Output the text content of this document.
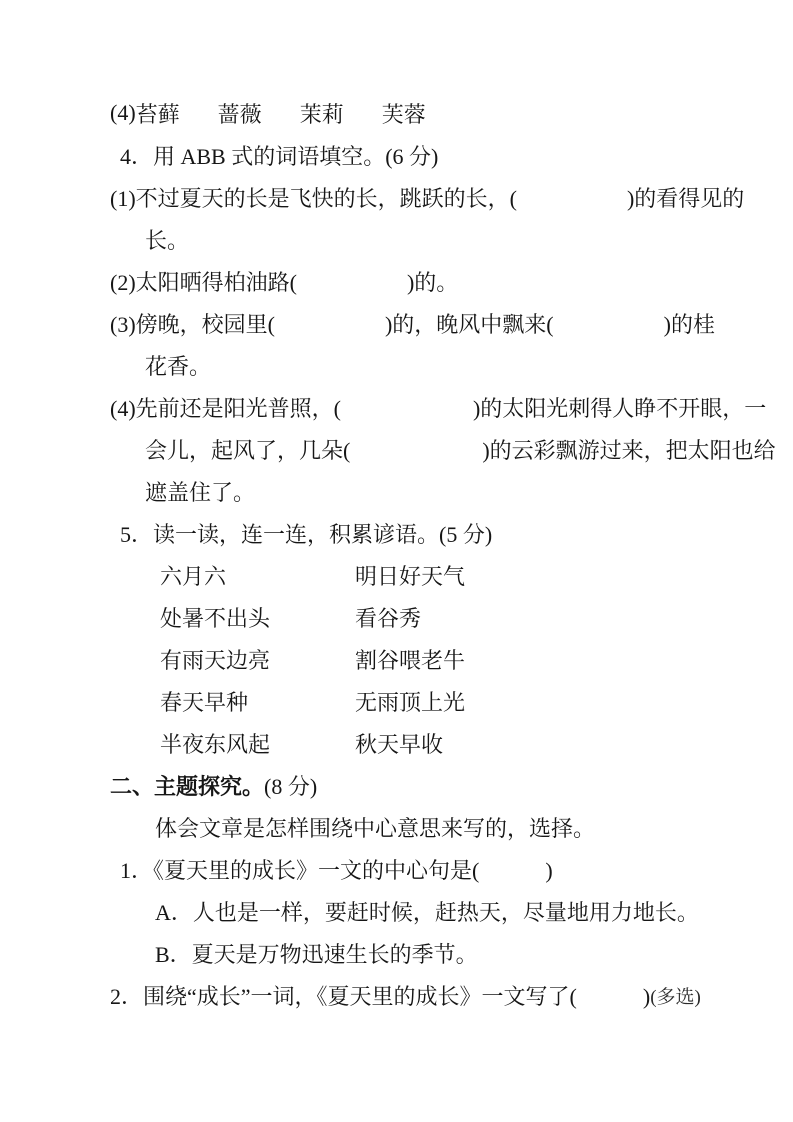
(4) 苔藓 蔷薇 茉莉 芙蓉
4．用 ABB 式的词语填空。(6 分)
(1)不过夏天的长是飞快的长，跳跃的长，(　　　　　)的看得见的
长。
(2)太阳晒得柏油路(　　　　　)的。
(3)傍晚，校园里(　　　　　)的，晚风中飘来(　　　　　)的桂
花香。
(4)先前还是阳光普照，(　　　　　　)的太阳光刺得人睁不开眼，一
会儿，起风了，几朵(　　　　　　)的云彩飘游过来，把太阳也给
遮盖住了。
5．读一读，连一连，积累谚语。(5 分)
六月六	明日好天气
处暑不出头	看谷秀
有雨天边亮	割谷喂老牛
春天早种	无雨顶上光
半夜东风起	秋天早收
二、主题探究。 (8 分)
体会文章是怎样围绕中心意思来写的，选择。
1．《夏天里的成长》一文的中心句是(　　　)
A．人也是一样，要赶时候，赶热天，尽量地用力地长。
B．夏天是万物迅速生长的季节。
2．围绕“成长”一词，《夏天里的成长》一文写了(　　　) (多选)
